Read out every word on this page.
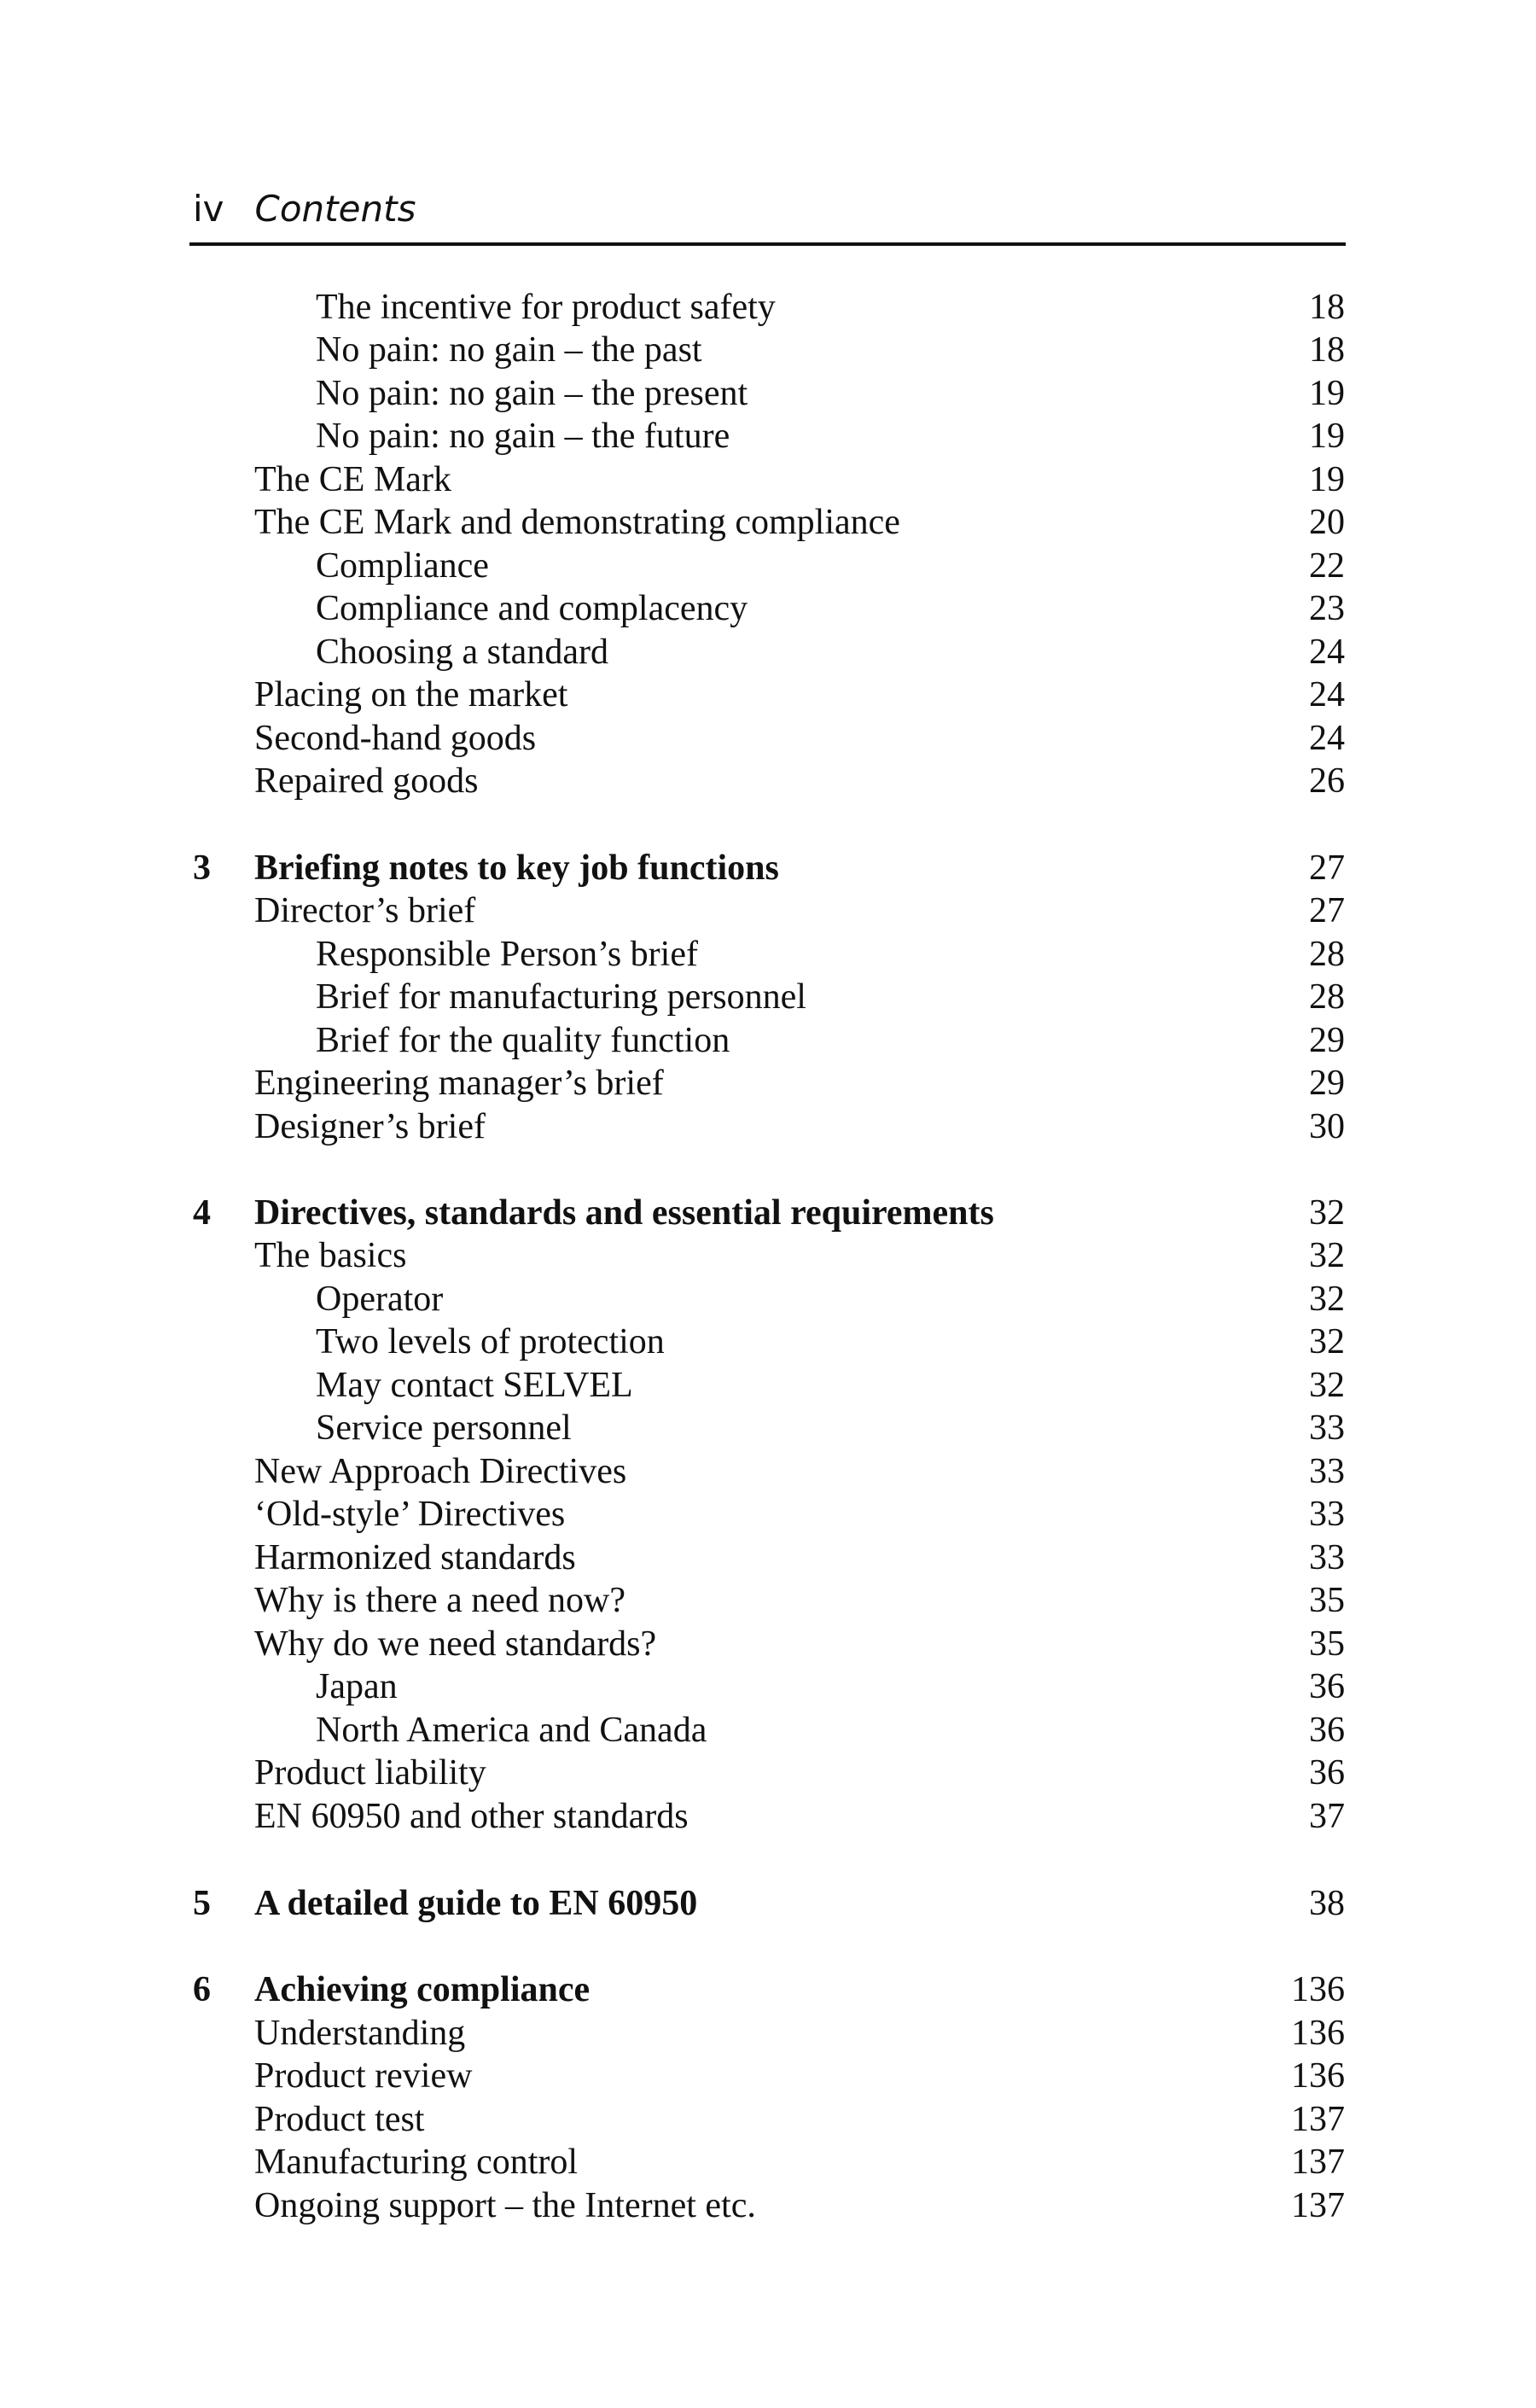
iv Contents
The incentive for product safety	18
No pain: no gain – the past	18
No pain: no gain – the present	19
No pain: no gain – the future	19
The CE Mark	19
The CE Mark and demonstrating compliance	20
Compliance	22
Compliance and complacency	23
Choosing a standard	24
Placing on the market	24
Second-hand goods	24
Repaired goods	26
3 Briefing notes to key job functions	27
Director’s brief	27
Responsible Person’s brief	28
Brief for manufacturing personnel	28
Brief for the quality function	29
Engineering manager’s brief	29
Designer’s brief	30
4 Directives, standards and essential requirements	32
The basics	32
Operator	32
Two levels of protection	32
May contact SELVEL	32
Service personnel	33
New Approach Directives	33
‘Old-style’ Directives	33
Harmonized standards	33
Why is there a need now?	35
Why do we need standards?	35
Japan	36
North America and Canada	36
Product liability	36
EN 60950 and other standards	37
5 A detailed guide to EN 60950	38
6 Achieving compliance	136
Understanding	136
Product review	136
Product test	137
Manufacturing control	137
Ongoing support – the Internet etc.	137
